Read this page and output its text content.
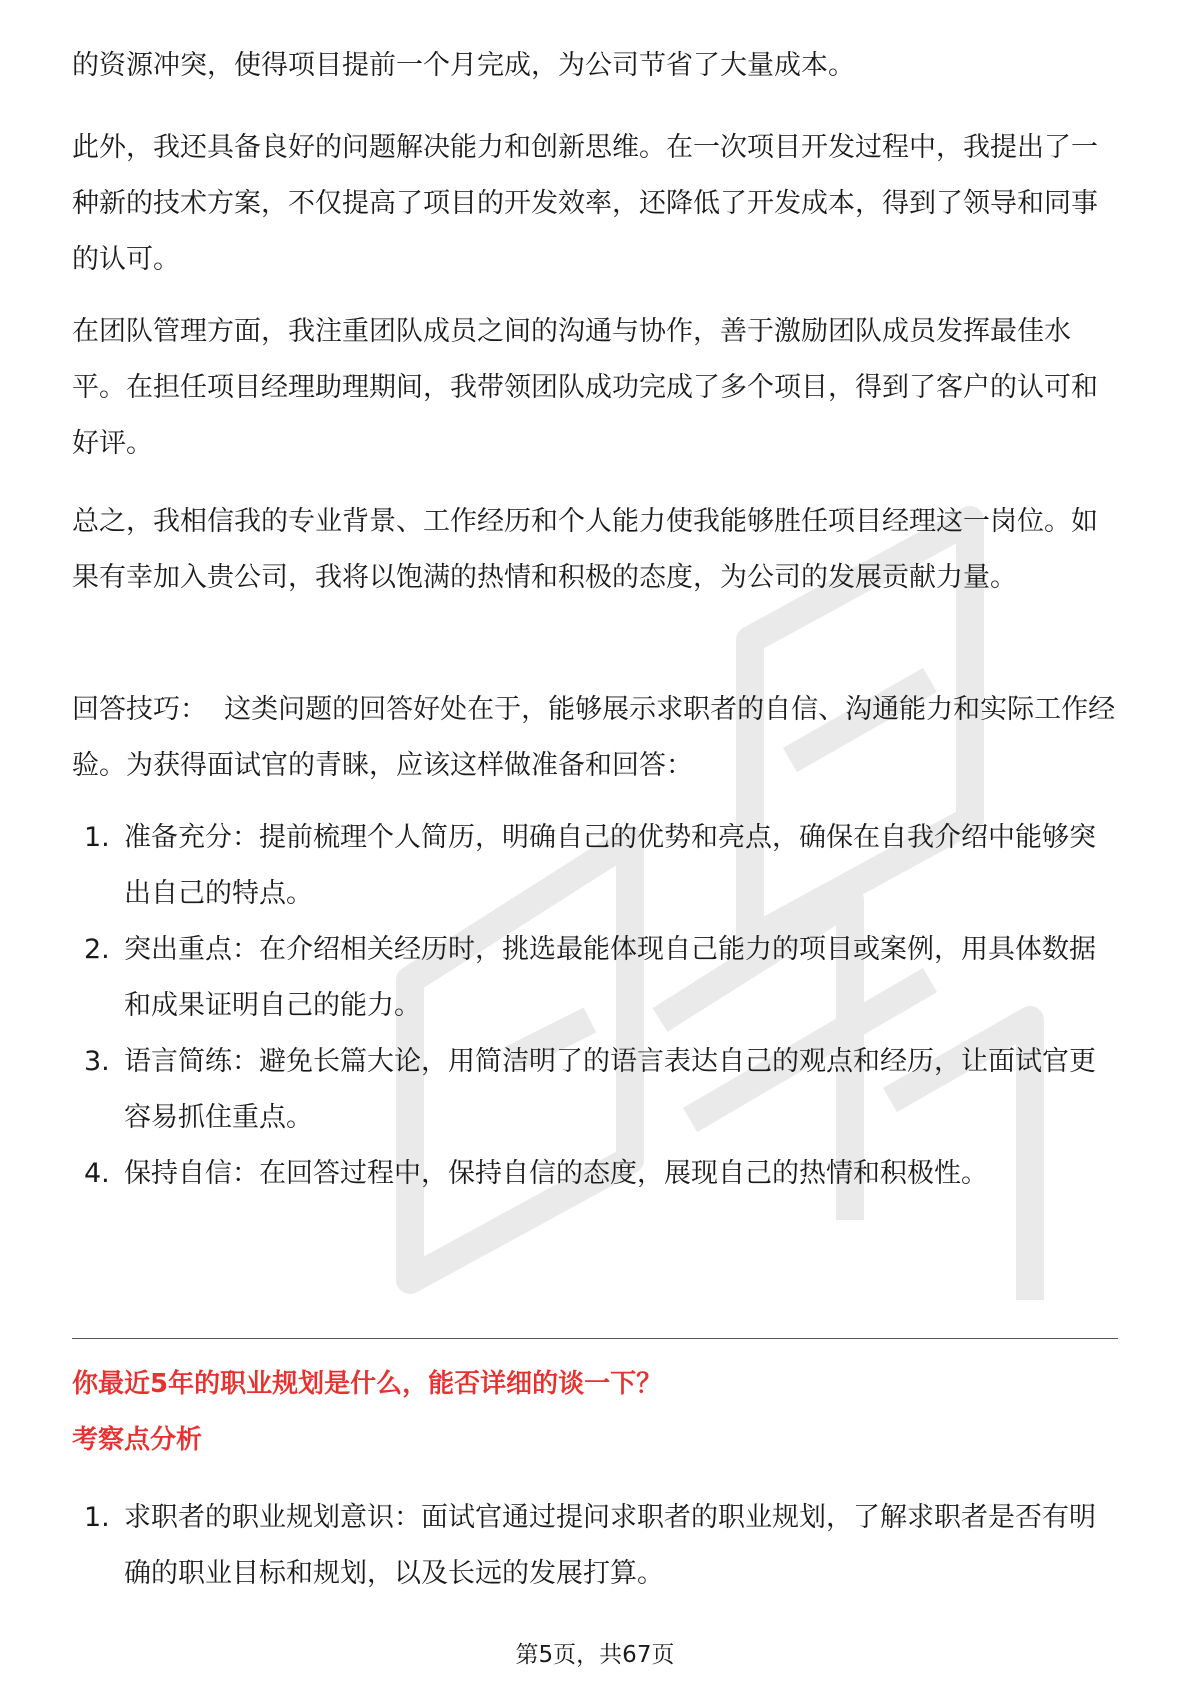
的资源冲突，使得项目提前一个月完成，为公司节省了大量成本。

此外，我还具备良好的问题解决能力和创新思维。在一次项目开发过程中，我提出了一种新的技术方案，不仅提高了项目的开发效率，还降低了开发成本，得到了领导和同事的认可。

在团队管理方面，我注重团队成员之间的沟通与协作，善于激励团队成员发挥最佳水平。在担任项目经理助理期间，我带领团队成功完成了多个项目，得到了客户的认可和好评。

总之，我相信我的专业背景、工作经历和个人能力使我能够胜任项目经理这一岗位。如果有幸加入贵公司，我将以饱满的热情和积极的态度，为公司的发展贡献力量。

回答技巧：  这类问题的回答好处在于，能够展示求职者的自信、沟通能力和实际工作经验。为获得面试官的青睐，应该这样做准备和回答：

1. 准备充分：提前梳理个人简历，明确自己的优势和亮点，确保在自我介绍中能够突出自己的特点。
2. 突出重点：在介绍相关经历时，挑选最能体现自己能力的项目或案例，用具体数据和成果证明自己的能力。
3. 语言简练：避免长篇大论，用简洁明了的语言表达自己的观点和经历，让面试官更容易抓住重点。
4. 保持自信：在回答过程中，保持自信的态度，展现自己的热情和积极性。
你最近5年的职业规划是什么，能否详细的谈一下？
考察点分析
1. 求职者的职业规划意识：面试官通过提问求职者的职业规划，了解求职者是否有明确的职业目标和规划，以及长远的发展打算。
第5页，共67页
